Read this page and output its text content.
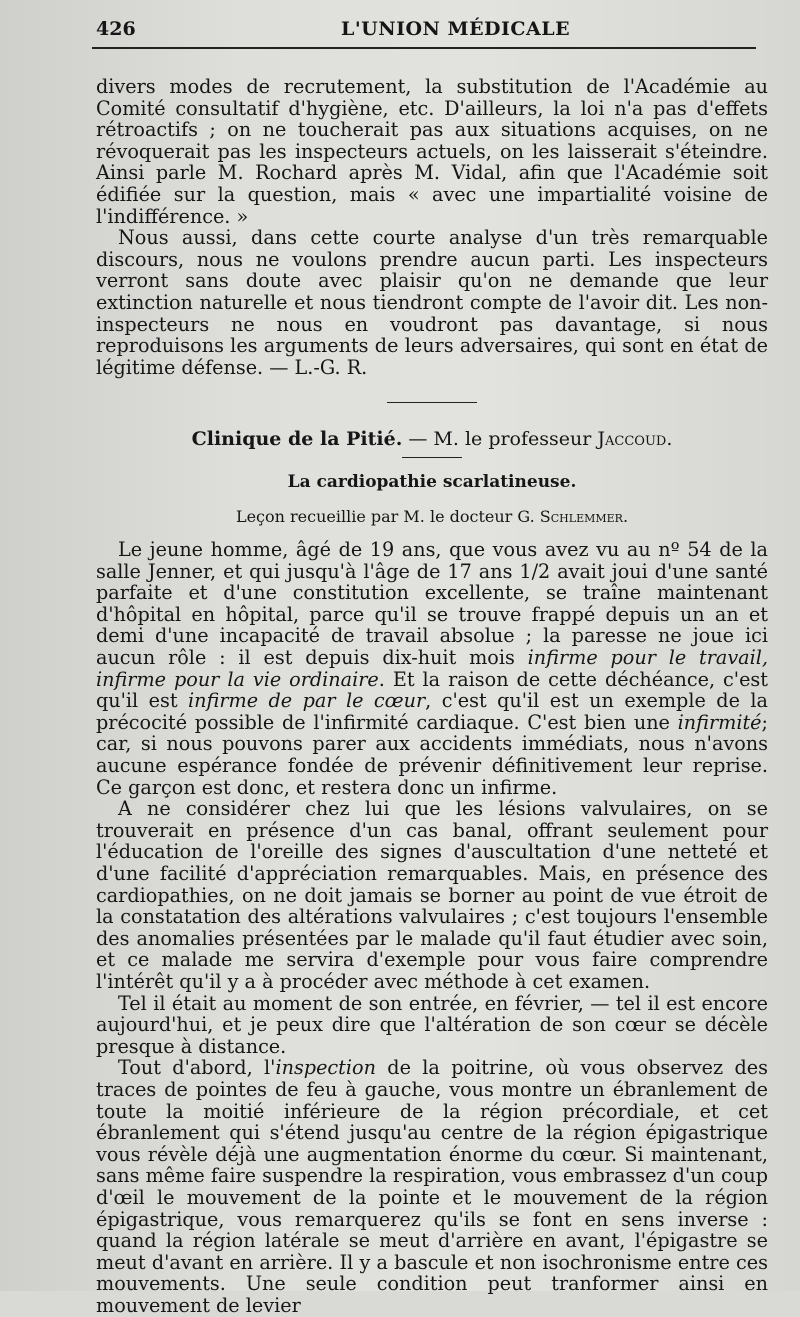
426	L'UNION MÉDICALE

divers modes de recrutement, la substitution de l'Académie au Comité consultatif d'hygiène, etc. D'ailleurs, la loi n'a pas d'effets rétroactifs ; on ne toucherait pas aux situations acquises, on ne révoquerait pas les inspecteurs actuels, on les laisserait s'éteindre. Ainsi parle M. Rochard après M. Vidal, afin que l'Académie soit édifiée sur la question, mais « avec une impartialité voisine de l'indifférence. »

Nous aussi, dans cette courte analyse d'un très remarquable discours, nous ne voulons prendre aucun parti. Les inspecteurs verront sans doute avec plaisir qu'on ne demande que leur extinction naturelle et nous tiendront compte de l'avoir dit. Les non-inspecteurs ne nous en voudront pas davantage, si nous reproduisons les arguments de leurs adversaires, qui sont en état de légitime défense. — L.-G. R.

Clinique de la Pitié. — M. le professeur Jaccoud.

La cardiopathie scarlatineuse.

Leçon recueillie par M. le docteur G. Schlemmer.

Le jeune homme, âgé de 19 ans, que vous avez vu au nº 54 de la salle Jenner, et qui jusqu'à l'âge de 17 ans 1/2 avait joui d'une santé parfaite et d'une constitution excellente, se traîne maintenant d'hôpital en hôpital, parce qu'il se trouve frappé depuis un an et demi d'une incapacité de travail absolue ; la paresse ne joue ici aucun rôle : il est depuis dix-huit mois infirme pour le travail, infirme pour la vie ordinaire. Et la raison de cette déchéance, c'est qu'il est infirme de par le cœur, c'est qu'il est un exemple de la précocité possible de l'infirmité cardiaque. C'est bien une infirmité; car, si nous pouvons parer aux accidents immédiats, nous n'avons aucune espérance fondée de prévenir définitivement leur reprise. Ce garçon est donc, et restera donc un infirme.

A ne considérer chez lui que les lésions valvulaires, on se trouverait en présence d'un cas banal, offrant seulement pour l'éducation de l'oreille des signes d'auscultation d'une netteté et d'une facilité d'appréciation remarquables. Mais, en présence des cardiopathies, on ne doit jamais se borner au point de vue étroit de la constatation des altérations valvulaires ; c'est toujours l'ensemble des anomalies présentées par le malade qu'il faut étudier avec soin, et ce malade me servira d'exemple pour vous faire comprendre l'intérêt qu'il y a à procéder avec méthode à cet examen.

Tel il était au moment de son entrée, en février, — tel il est encore aujourd'hui, et je peux dire que l'altération de son cœur se décèle presque à distance.

Tout d'abord, l'inspection de la poitrine, où vous observez des traces de pointes de feu à gauche, vous montre un ébranlement de toute la moitié inférieure de la région précordiale, et cet ébranlement qui s'étend jusqu'au centre de la région épigastrique vous révèle déjà une augmentation énorme du cœur. Si maintenant, sans même faire suspendre la respiration, vous embrassez d'un coup d'œil le mouvement de la pointe et le mouvement de la région épigastrique, vous remarquerez qu'ils se font en sens inverse : quand la région latérale se meut d'arrière en avant, l'épigastre se meut d'avant en arrière. Il y a bascule et non isochronisme entre ces mouvements. Une seule condition peut tranformer ainsi en mouvement de levier
